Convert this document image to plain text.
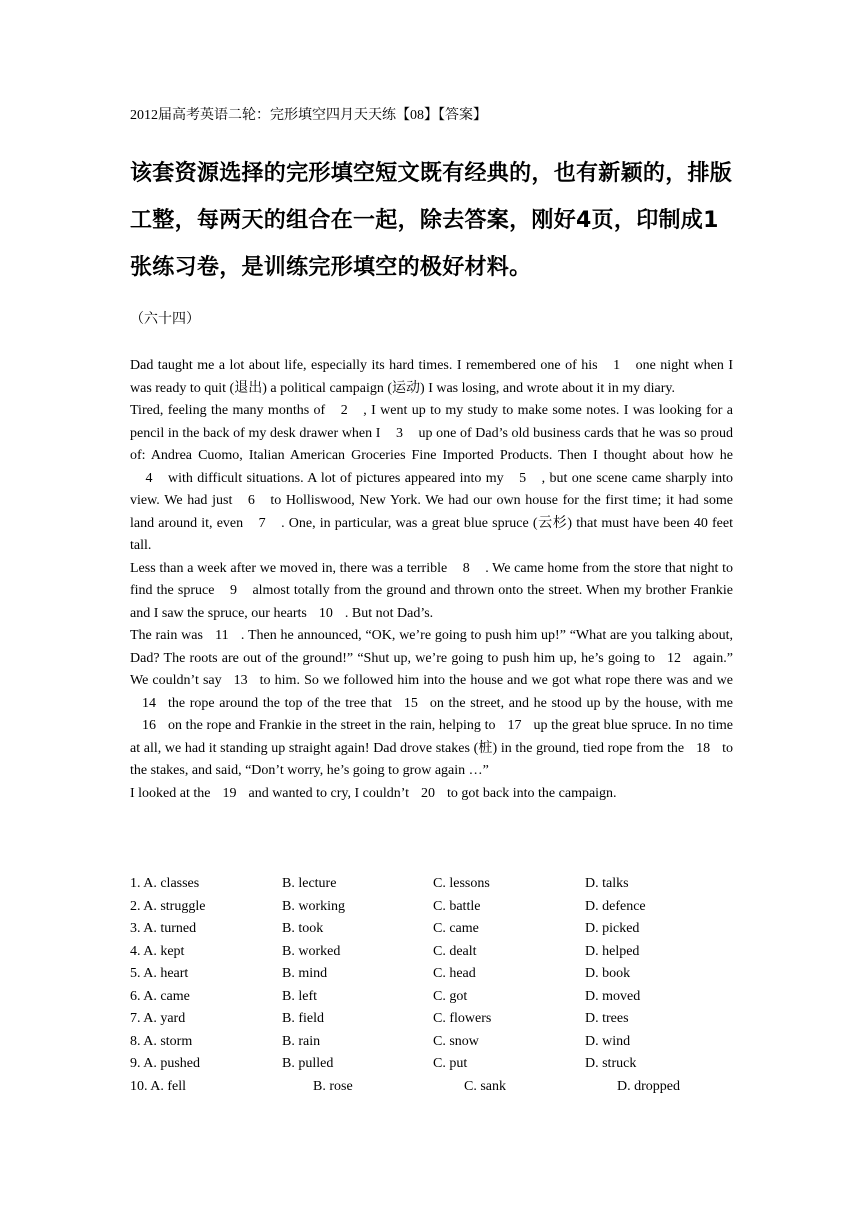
2012届高考英语二轮：完形填空四月天天练【08】【答案】
该套资源选择的完形填空短文既有经典的，也有新颖的，排版工整，每两天的组合在一起，除去答案，刚好4页，印制成1张练习卷，是训练完形填空的极好材料。
（六十四）

Dad taught me a lot about life, especially its hard times. I remembered one of his 1 one night when I was ready to quit (退出) a political campaign (运动) I was losing, and wrote about it in my diary.

Tired, feeling the many months of 2 , I went up to my study to make some notes. I was looking for a pencil in the back of my desk drawer when I 3 up one of Dad’s old business cards that he was so proud of: Andrea Cuomo, Italian American Groceries Fine Imported Products. Then I thought about how he4 with difficult situations. A lot of pictures appeared into my 5 , but one scene came sharply into view. We had just 6 to Holliswood, New York. We had our own house for the first time; it had some land around it, even 7 . One, in particular, was a great blue spruce (云杉) that must have been 40 feet tall.

Less than a week after we moved in, there was a terrible 8 . We came home from the store that night to find the spruce 9 almost totally from the ground and thrown onto the street. When my brother Frankie and I saw the spruce, our hearts 10 . But not Dad’s.

The rain was 11 . Then he announced, “OK, we’re going to push him up!” “What are you talking about, Dad? The roots are out of the ground!” “Shut up, we’re going to push him up, he’s going to 12 again.” We couldn’t say 13 to him. So we followed him into the house and we got what rope there was and we14 the rope around the top of the tree that 15 on the street, and he stood up by the house, with me16 on the rope and Frankie in the street in the rain, helping to 17 up the great blue spruce. In no time at all, we had it standing up straight again! Dad drove stakes (桩) in the ground, tied rope from the 18 to the stakes, and said, “Don’t worry, he’s going to grow again …”

I looked at the 19 and wanted to cry, I couldn’t 20 to got back into the campaign.

1. A. classes	B. lecture	C. lessons	D. talks
2. A. struggle	B. working	C. battle	D. defence
3. A. turned	B. took	C. came	D. picked
4. A. kept	B. worked	C. dealt	D. helped
5. A. heart	B. mind	C. head	D. book
6. A. came	B. left	C. got	D. moved
7. A. yard	B. field	C. flowers	D. trees
8. A. storm	B. rain	C. snow	D. wind
9. A. pushed	B. pulled	C. put	D. struck
10. A. fell	B. rose	C. sank	D. dropped
